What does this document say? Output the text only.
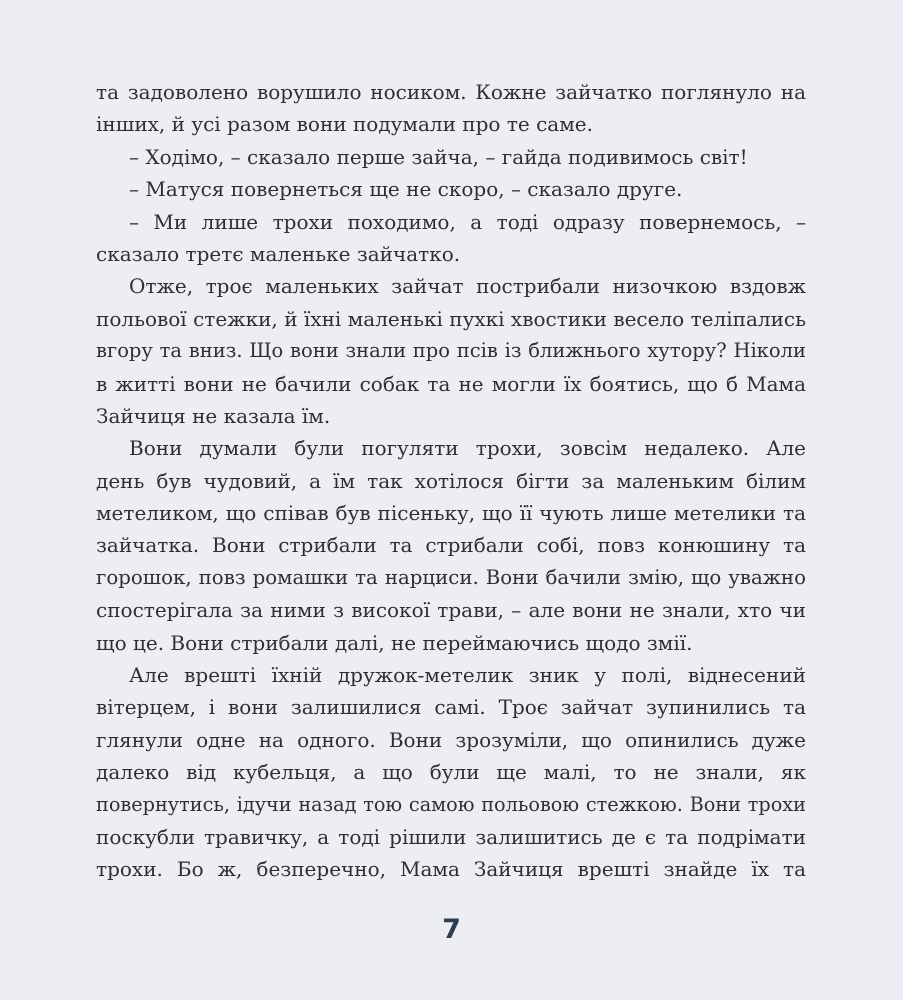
та задоволено ворушило носиком. Кожне зайчатко поглянуло на
інших, й усі разом вони подумали про те саме.
– Ходімо, – сказало перше зайча, – гайда подивимось світ!
– Матуся повернеться ще не скоро, – сказало друге.
– Ми лише трохи походимо, а тоді одразу повернемось, –
сказало третє маленьке зайчатко.
Отже, троє маленьких зайчат пострибали низочкою вздовж
польової стежки, й їхні маленькі пухкі хвостики весело теліпались
вгору та вниз. Що вони знали про псів із ближнього хутору? Ніколи
в житті вони не бачили собак та не могли їх боятись, що б Мама
Зайчиця не казала їм.
Вони думали були погуляти трохи, зовсім недалеко. Але
день був чудовий, а їм так хотілося бігти за маленьким білим
метеликом, що співав був пісеньку, що її чують лише метелики та
зайчатка. Вони стрибали та стрибали собі, повз конюшину та
горошок, повз ромашки та нарциси. Вони бачили змію, що уважно
спостерігала за ними з високої трави, – але вони не знали, хто чи
що це. Вони стрибали далі, не переймаючись щодо змії.
Але врешті їхній дружок-метелик зник у полі, віднесений
вітерцем, і вони залишилися самі. Троє зайчат зупинились та
глянули одне на одного. Вони зрозуміли, що опинились дуже
далеко від кубельця, а що були ще малі, то не знали, як
повернутись, ідучи назад тою самою польовою стежкою. Вони трохи
поскубли травичку, а тоді рішили залишитись де є та подрімати
трохи. Бо ж, безперечно, Мама Зайчиця врешті знайде їх та
7
